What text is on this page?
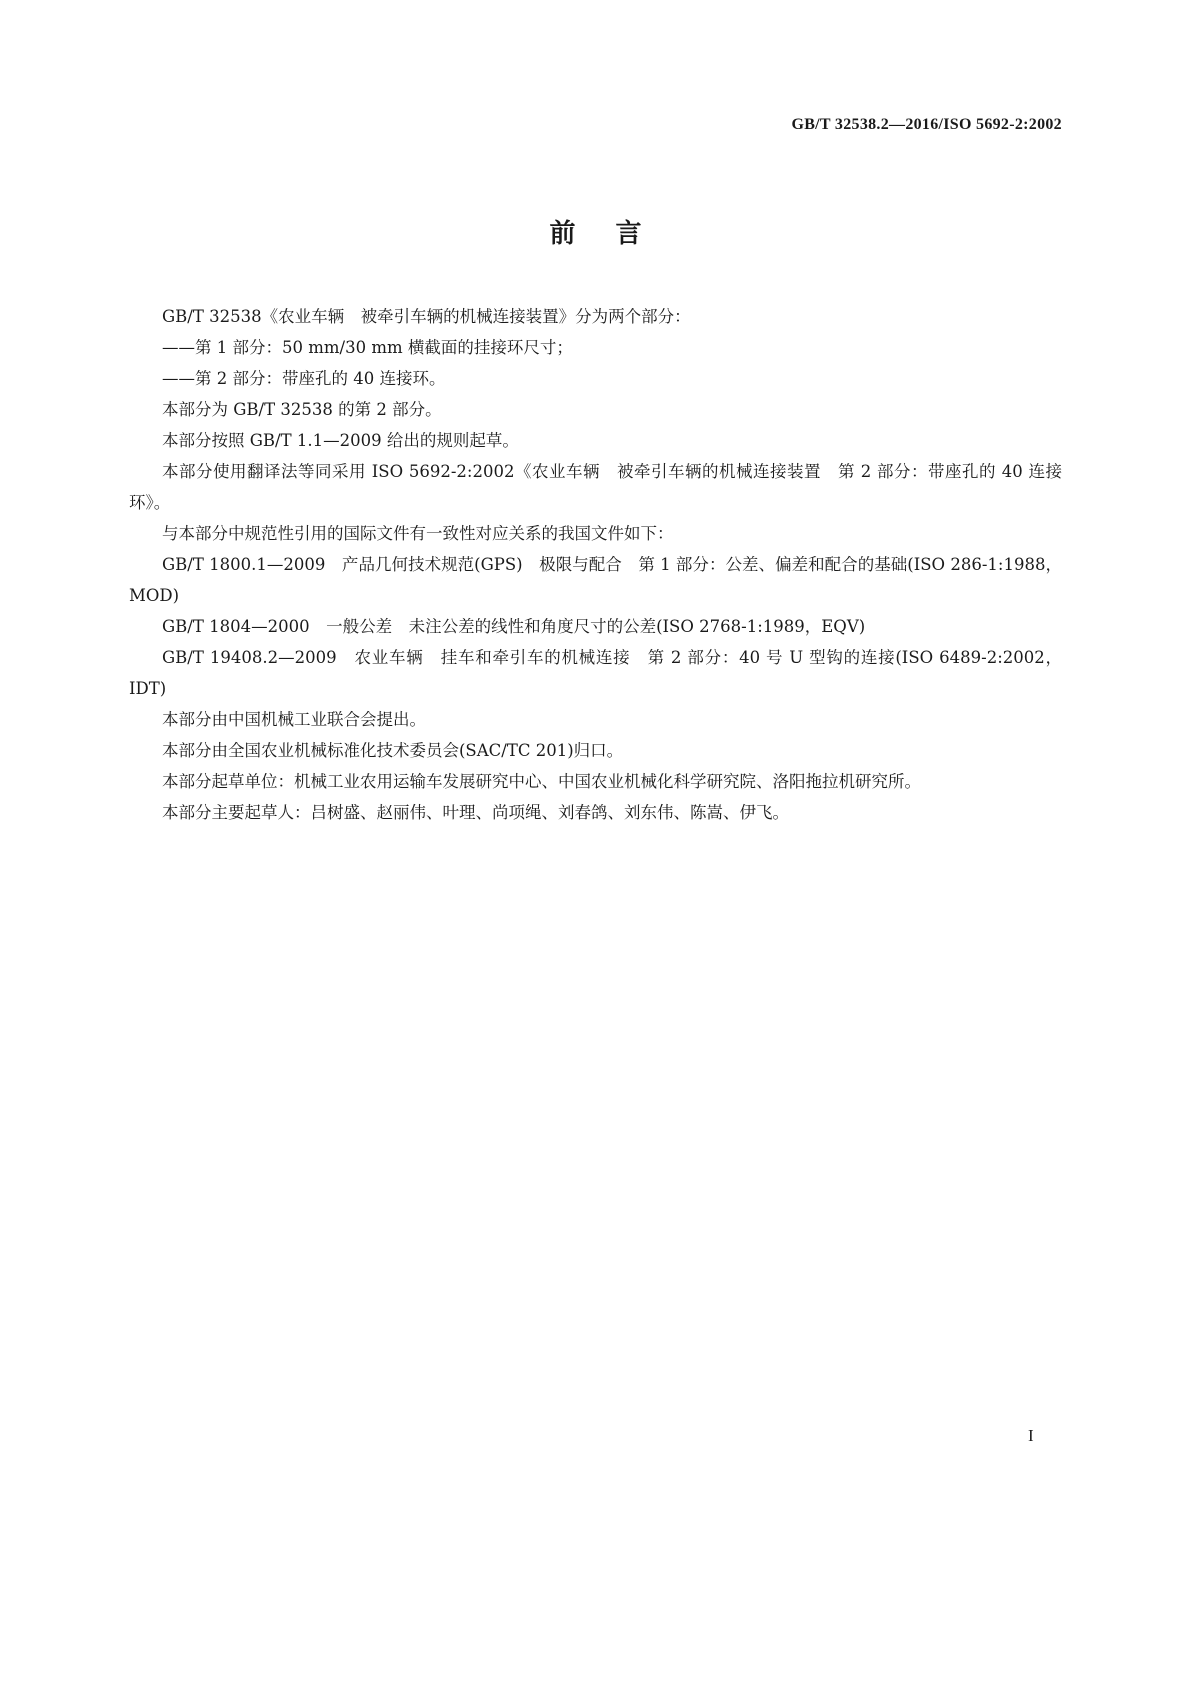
GB/T 32538.2—2016/ISO 5692-2:2002
前言

GB/T 32538《农业车辆　被牵引车辆的机械连接装置》分为两个部分：

——第 1 部分：50 mm/30 mm 横截面的挂接环尺寸；

——第 2 部分：带座孔的 40 连接环。

本部分为 GB/T 32538 的第 2 部分。

本部分按照 GB/T 1.1—2009 给出的规则起草。

本部分使用翻译法等同采用 ISO 5692-2:2002《农业车辆　被牵引车辆的机械连接装置　第 2 部分：带座孔的 40 连接环》。

与本部分中规范性引用的国际文件有一致性对应关系的我国文件如下：

GB/T 1800.1—2009　产品几何技术规范(GPS)　极限与配合　第 1 部分：公差、偏差和配合的基础(ISO 286-1:1988，MOD)

GB/T 1804—2000　一般公差　未注公差的线性和角度尺寸的公差(ISO 2768-1:1989，EQV)

GB/T 19408.2—2009　农业车辆　挂车和牵引车的机械连接　第 2 部分：40 号 U 型钩的连接(ISO 6489-2:2002，IDT)

本部分由中国机械工业联合会提出。

本部分由全国农业机械标准化技术委员会(SAC/TC 201)归口。

本部分起草单位：机械工业农用运输车发展研究中心、中国农业机械化科学研究院、洛阳拖拉机研究所。

本部分主要起草人：吕树盛、赵丽伟、叶理、尚项绳、刘春鸽、刘东伟、陈嵩、伊飞。

I
